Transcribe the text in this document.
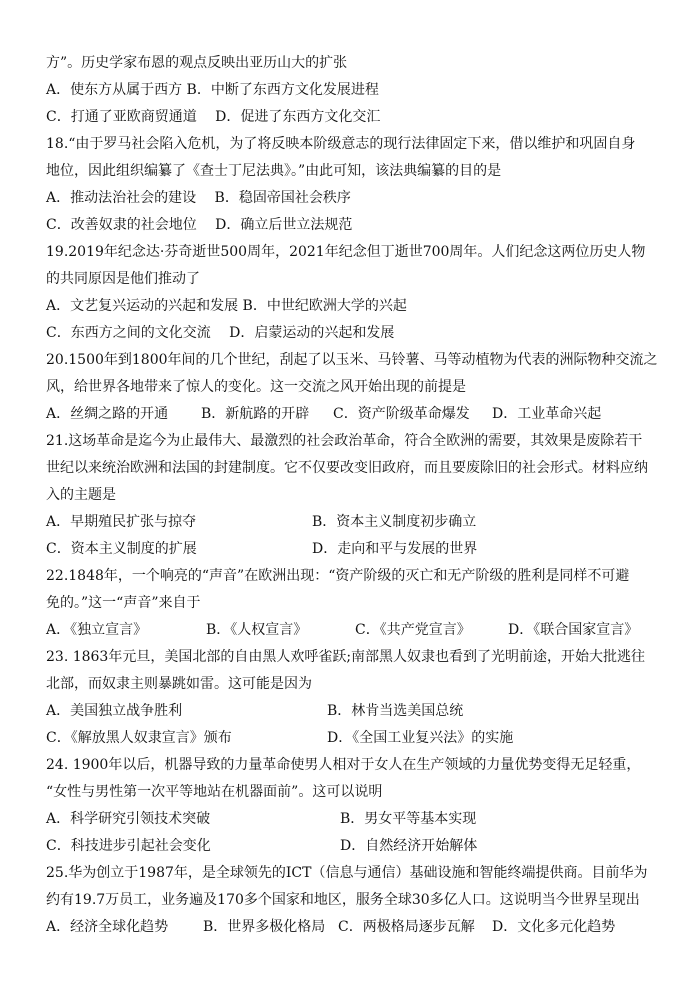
方”。历史学家布恩的观点反映出亚历山大的扩张
A．使东方从属于西方 B．中断了东西方文化发展进程
C．打通了亚欧商贸通道　 D．促进了东西方文化交汇
18.“由于罗马社会陷入危机，为了将反映本阶级意志的现行法律固定下来，借以维护和巩固自身
地位，因此组织编纂了《查士丁尼法典》。”由此可知，该法典编纂的目的是
A．推动法治社会的建设　 B．稳固帝国社会秩序
C．改善奴隶的社会地位　 D．确立后世立法规范
19.2019年纪念达·芬奇逝世500周年，2021年纪念但丁逝世700周年。人们纪念这两位历史人物
的共同原因是他们推动了
A．文艺复兴运动的兴起和发展 B．中世纪欧洲大学的兴起
C．东西方之间的文化交流　 D．启蒙运动的兴起和发展
20.1500年到1800年间的几个世纪，刮起了以玉米、马铃薯、马等动植物为代表的洲际物种交流之
风，给世界各地带来了惊人的变化。这一交流之风开始出现的前提是
A．丝绸之路的开通 B．新航路的开辟 C．资产阶级革命爆发 D．工业革命兴起
21.这场革命是迄今为止最伟大、最激烈的社会政治革命，符合全欧洲的需要，其效果是废除若干
世纪以来统治欧洲和法国的封建制度。它不仅要改变旧政府，而且要废除旧的社会形式。材料应纳
入的主题是
A．早期殖民扩张与掠夺	B．资本主义制度初步确立
C．资本主义制度的扩展	D．走向和平与发展的世界
22.1848年，一个响亮的“声音”在欧洲出现：“资产阶级的灭亡和无产阶级的胜利是同样不可避
免的。”这一“声音”来自于
A．《独立宣言》	B．《人权宣言》	C．《共产党宣言》	D．《联合国家宣言》
23. 1863年元旦，美国北部的自由黑人欢呼雀跃;南部黑人奴隶也看到了光明前途，开始大批逃往
北部，而奴隶主则暴跳如雷。这可能是因为
A．美国独立战争胜利	B．林肯当选美国总统
C．《解放黑人奴隶宣言》颁布	D．《全国工业复兴法》的实施
24. 1900年以后，机器导致的力量革命使男人相对于女人在生产领域的力量优势变得无足轻重，
“女性与男性第一次平等地站在机器面前”。这可以说明
A．科学研究引领技术突破	B．男女平等基本实现
C．科技进步引起社会变化	D．自然经济开始解体
25.华为创立于1987年，是全球领先的ICT（信息与通信）基础设施和智能终端提供商。目前华为
约有19.7万员工，业务遍及170多个国家和地区，服务全球30多亿人口。这说明当今世界呈现出
A．经济全球化趋势 B．世界多极化格局 C．两极格局逐步瓦解 D．文化多元化趋势
